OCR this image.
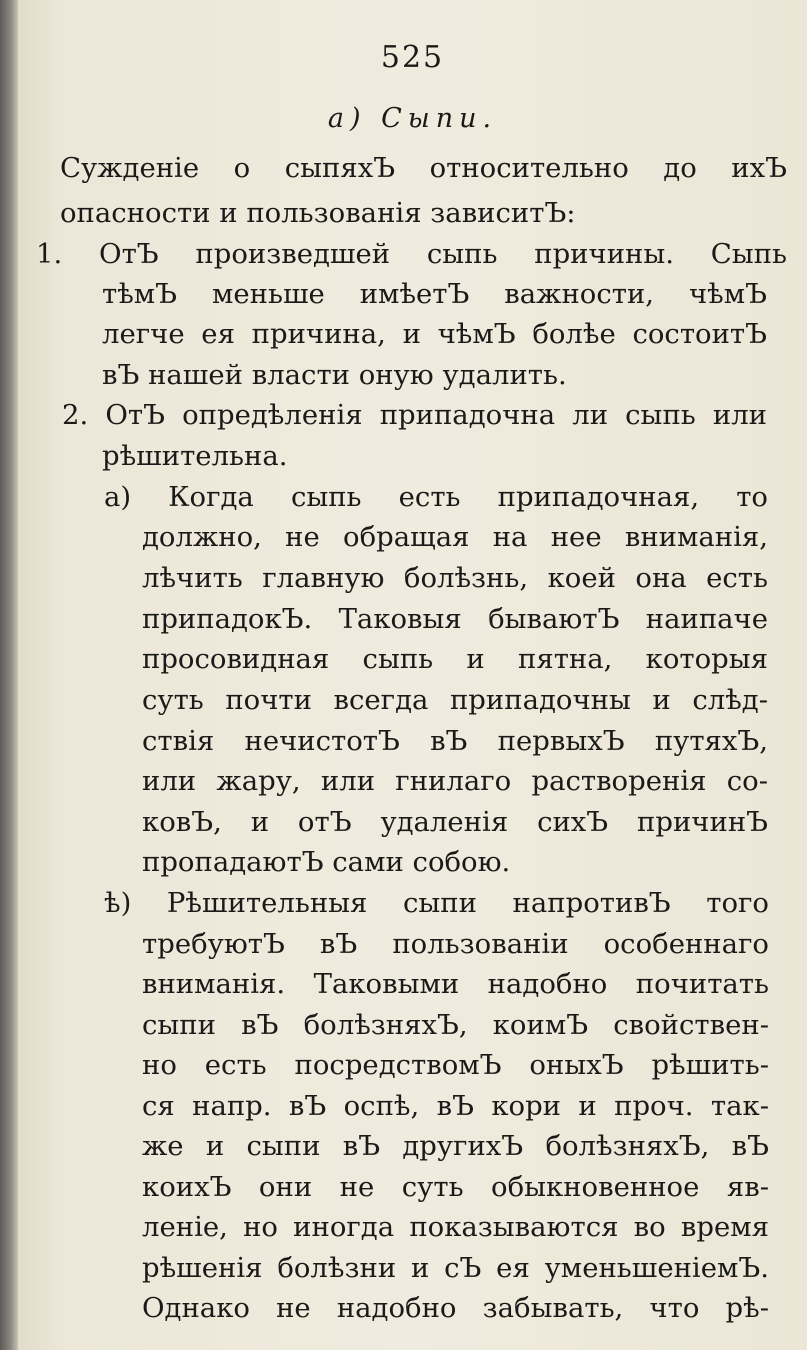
525
а) Сыпи.
Сужденіе о сыпяхЪ относительно до ихЪ
опасности и пользованія зависитЪ:
1. ОтЪ произведшей сыпь причины. Сыпь
тѣмЪ меньше имѣетЪ важности, чѣмЪ
легче ея причина, и чѣмЪ болѣе состоитЪ
вЪ нашей власти оную удалить.
2. ОтЪ опредѣленія припадочна ли сыпь или
рѣшительна.
а) Когда сыпь есть припадочная, то
должно, не обращая на нее вниманія,
лѣчить главную болѣзнь, коей она есть
припадокЪ. Таковыя бываютЪ наипаче
просовидная сыпь и пятна, которыя
суть почти всегда припадочны и слѣд-
ствія нечистотЪ вЪ первыхЪ путяхЪ,
или жару, или гнилаго растворенія со-
ковЪ, и отЪ удаленія сихЪ причинЪ
пропадаютЪ сами собою.
ѣ) Рѣшительныя сыпи напротивЪ того
требуютЪ вЪ пользованіи особеннаго
вниманія. Таковыми надобно почитать
сыпи вЪ болѣзняхЪ, коимЪ свойствен-
но есть посредствомЪ оныхЪ рѣшить-
ся напр. вЪ оспѣ, вЪ кори и проч. так-
же и сыпи вЪ другихЪ болѣзняхЪ, вЪ
коихЪ они не суть обыкновенное яв-
леніе, но иногда показываются во время
рѣшенія болѣзни и сЪ ея уменьшеніемЪ.
Однако не надобно забывать, что рѣ-
